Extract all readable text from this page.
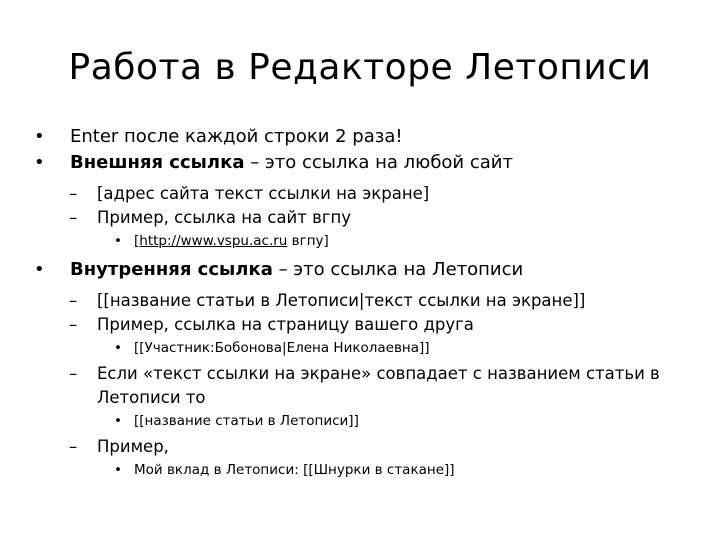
Работа в Редакторе Летописи
•	Enter после каждой строки 2 раза!
•	Внешняя ссылка – это ссылка на любой сайт
–	[адрес сайта текст ссылки на экране]
–	Пример, ссылка на сайт вгпу
• [http://www.vspu.ac.ru вгпу]
•	Внутренняя ссылка – это ссылка на Летописи
–	[[название статьи в Летописи|текст ссылки на экране]]
–	Пример, ссылка на страницу вашего друга
• [[Участник:Бобонова|Елена Николаевна]]
–	Если «текст ссылки на экране» совпадает с названием статьи в Летописи то
• [[название статьи в Летописи]]
–	Пример,
• Мой вклад в Летописи: [[Шнурки в стакане]]
